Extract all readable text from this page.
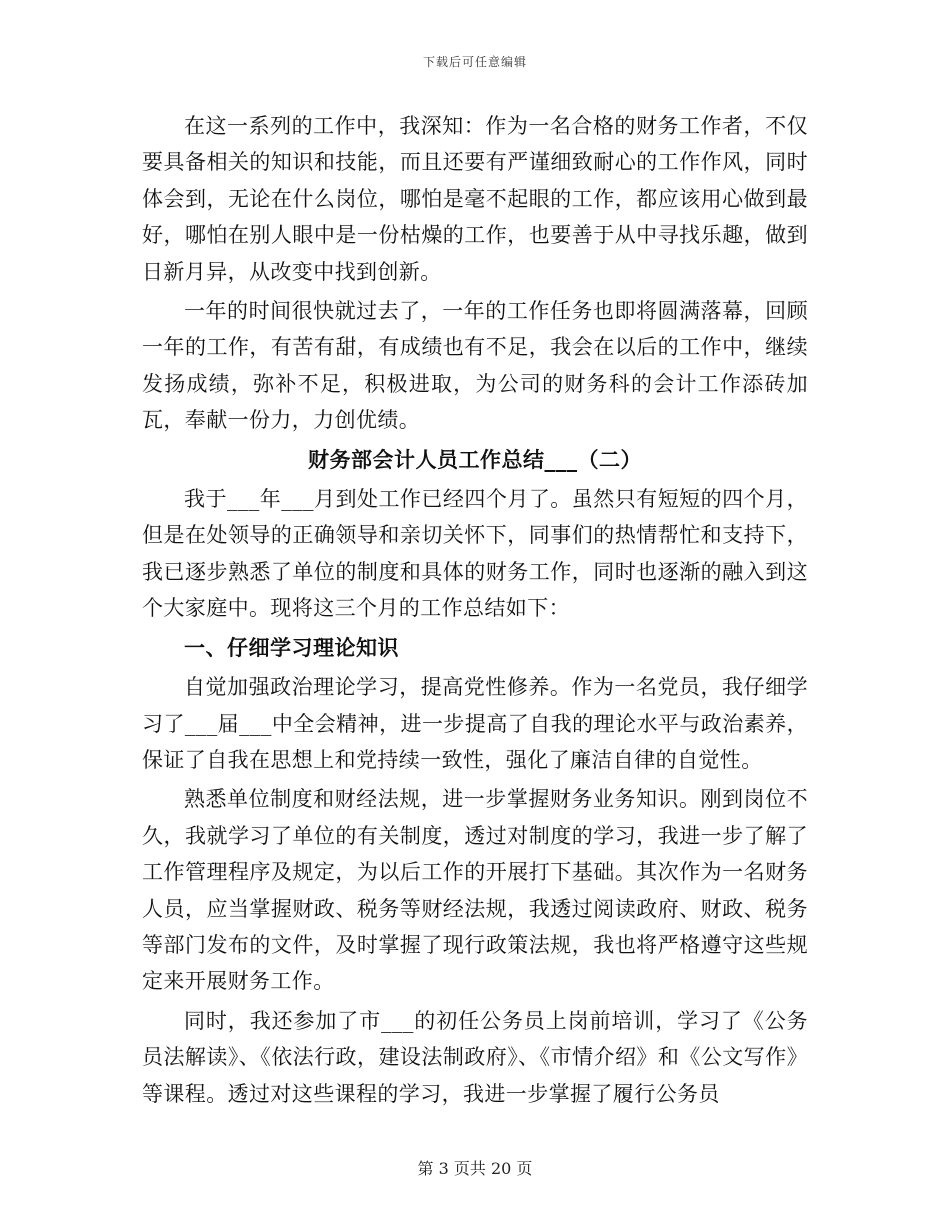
下载后可任意编辑

在这一系列的工作中，我深知：作为一名合格的财务工作者，不仅要具备相关的知识和技能，而且还要有严谨细致耐心的工作作风，同时体会到，无论在什么岗位，哪怕是毫不起眼的工作，都应该用心做到最好，哪怕在别人眼中是一份枯燥的工作，也要善于从中寻找乐趣，做到日新月异，从改变中找到创新。

一年的时间很快就过去了，一年的工作任务也即将圆满落幕，回顾一年的工作，有苦有甜，有成绩也有不足，我会在以后的工作中，继续发扬成绩，弥补不足，积极进取，为公司的财务科的会计工作添砖加瓦，奉献一份力，力创优绩。

财务部会计人员工作总结___（二）

我于___年___月到处工作已经四个月了。虽然只有短短的四个月，但是在处领导的正确领导和亲切关怀下，同事们的热情帮忙和支持下，我已逐步熟悉了单位的制度和具体的财务工作，同时也逐渐的融入到这个大家庭中。现将这三个月的工作总结如下：

一、仔细学习理论知识

自觉加强政治理论学习，提高党性修养。作为一名党员，我仔细学习了___届___中全会精神，进一步提高了自我的理论水平与政治素养，保证了自我在思想上和党持续一致性，强化了廉洁自律的自觉性。

熟悉单位制度和财经法规，进一步掌握财务业务知识。刚到岗位不久，我就学习了单位的有关制度，透过对制度的学习，我进一步了解了工作管理程序及规定，为以后工作的开展打下基础。其次作为一名财务人员，应当掌握财政、税务等财经法规，我透过阅读政府、财政、税务等部门发布的文件，及时掌握了现行政策法规，我也将严格遵守这些规定来开展财务工作。

同时，我还参加了市___的初任公务员上岗前培训，学习了《公务员法解读》、《依法行政，建设法制政府》、《市情介绍》和《公文写作》等课程。透过对这些课程的学习，我进一步掌握了履行公务员

第 3 页共 20 页
